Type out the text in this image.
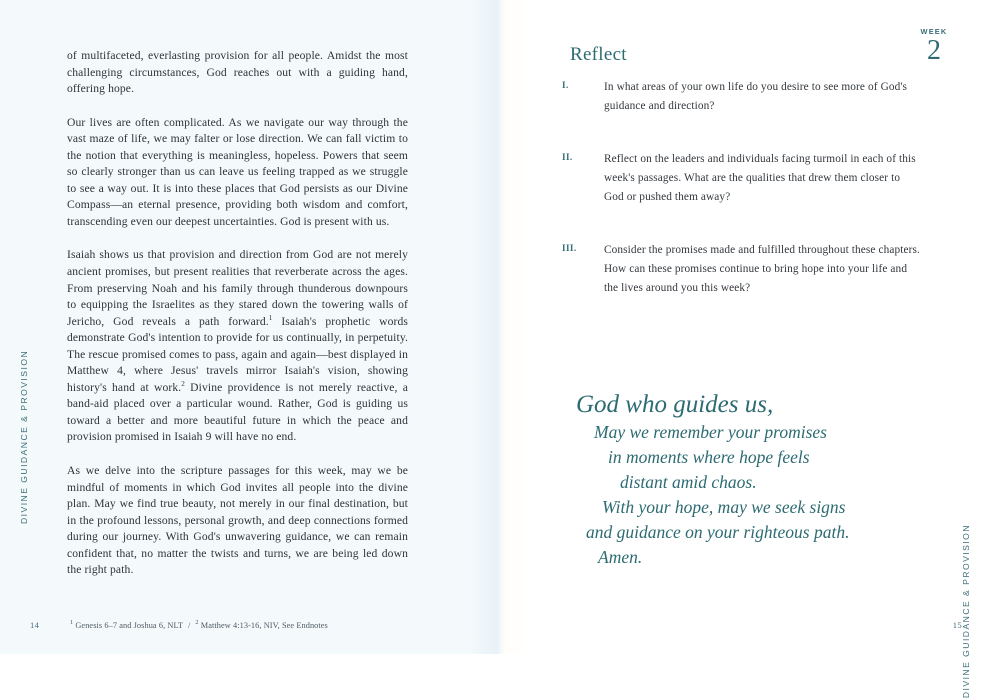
of multifaceted, everlasting provision for all people. Amidst the most challenging circumstances, God reaches out with a guiding hand, offering hope.

Our lives are often complicated. As we navigate our way through the vast maze of life, we may falter or lose direction. We can fall victim to the notion that everything is meaningless, hopeless. Powers that seem so clearly stronger than us can leave us feeling trapped as we struggle to see a way out. It is into these places that God persists as our Divine Compass—an eternal presence, providing both wisdom and comfort, transcending even our deepest uncertainties. God is present with us.

Isaiah shows us that provision and direction from God are not merely ancient promises, but present realities that reverberate across the ages. From preserving Noah and his family through thunderous downpours to equipping the Israelites as they stared down the towering walls of Jericho, God reveals a path forward.$^1$ Isaiah's prophetic words demonstrate God's intention to provide for us continually, in perpetuity. The rescue promised comes to pass, again and again—best displayed in Matthew 4, where Jesus' travels mirror Isaiah's vision, showing history's hand at work.$^2$ Divine providence is not merely reactive, a band-aid placed over a particular wound. Rather, God is guiding us toward a better and more beautiful future in which the peace and provision promised in Isaiah 9 will have no end.

As we delve into the scripture passages for this week, may we be mindful of moments in which God invites all people into the divine plan. May we find true beauty, not merely in our final destination, but in the profound lessons, personal growth, and deep connections formed during our journey. With God's unwavering guidance, we can remain confident that, no matter the twists and turns, we are being led down the right path.

DIVINE GUIDANCE & PROVISION
14	$^1$ Genesis 6–7 and Joshua 6, NLT / $^2$ Matthew 4:13-16, NIV, See Endnotes
WEEK
2
DIVINE GUIDANCE & PROVISION
15
Reflect
I.	In what areas of your own life do you desire to see more of God's guidance and direction?
II.	Reflect on the leaders and individuals facing turmoil in each of this week's passages. What are the qualities that drew them closer to God or pushed them away?
III.	Consider the promises made and fulfilled throughout these chapters. How can these promises continue to bring hope into your life and the lives around you this week?
God who guides us,
May we remember your promises
in moments where hope feels
distant amid chaos.
With your hope, may we seek signs
and guidance on your righteous path.
Amen.
